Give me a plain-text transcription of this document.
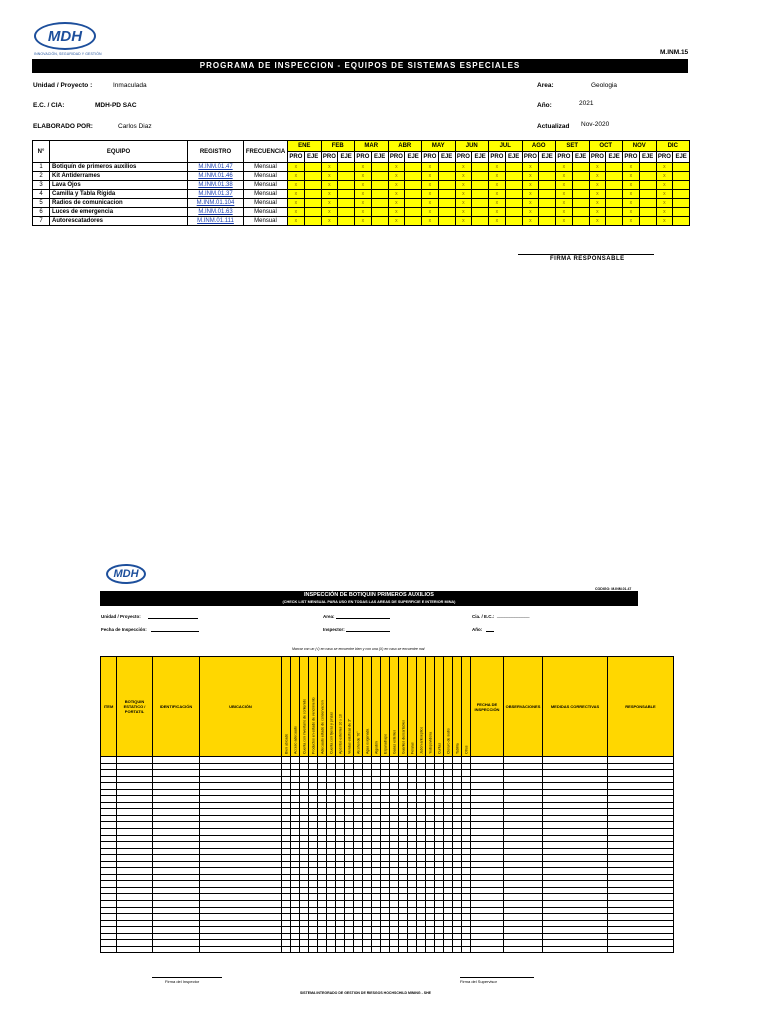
MDH
INNOVACIÓN, SEGURIDAD Y GESTIÓN	M.INM.15
PROGRAMA DE INSPECCION - EQUIPOS DE SISTEMAS ESPECIALES
Unidad / Proyecto :	Inmaculada
E.C. / CIA:	MDH-PD SAC
ELABORADO POR:	Carlos Diaz
Area:	Geologia
Año:	2021
Actualizad Nov-2020
N°	EQUIPO	REGISTRO	FRECUENCIA	ENE		FEB		MAR		ABR		MAY		JUN		JUL		AGO		SET		OCT		NOV		DIC	
				PRO	EJE	PRO	EJE	PRO	EJE	PRO	EJE	PRO	EJE	PRO	EJE	PRO	EJE	PRO	EJE	PRO	EJE	PRO	EJE	PRO	EJE	PRO	EJE
1	Botiquín de primeros auxilios	M.INM.01.47	Mensual	x		x		x		x		x		x		x		x		x		x		x		x	
2	Kit Antiderrames	M.INM.01.46	Mensual	x		x		x		x		x		x		x		x		x		x		x		x	
3	Lava Ojos	M.INM.01.38	Mensual	x		x		x		x		x		x		x		x		x		x		x		x	
4	Camilla y Tabla Rígida	M.INM.01.37	Mensual	x		x		x		x		x		x		x		x		x		x		x		x	
5	Radios de comunicacion	M.INM.01.104	Mensual	x		x		x		x		x		x		x		x		x		x		x		x	
6	Luces de emergencia	M.INM.01.63	Mensual	x		x		x		x		x		x		x		x		x		x		x		x	
7	Autorescatadores	M.INM.01.111	Mensual	x		x		x		x		x		x		x		x		x		x		x		x	
FIRMA RESPONSABLE
MDH
CODIGO: M.INM.01.47
INSPECCIÓN DE BOTIQUIN PRIMEROS AUXILIOS
(CHECK LIST MENSUAL PARA USO EN TODAS LAS AREAS DE SUPERFICIE E INTERIOR MINA)
Unidad / Proyecto:	Area:	Cia. / E.C.: _____________
Fecha de Inspección:	Inspector:	Año:
Marcar con un (√) en caso se encuentre bien y con una (X) en caso se encuentre mal
ITEM	BOTIQUIN ESTATICO / PORTATIL	IDENTIFICACIÓN	UBICACIÓN	Bien ubicado	Acceso adecuado	Cuenta con inventario de contenido	Productos en estado de vencimiento	Adecuado estado de conservacion	Cuenta con tijeras y pinzas	Apósitos estériles 10 x 10	Vendas elásticas de 3"	Alcohol de 70°	Agua oxigenada	Algodón	Esparadrapo	Gasas estériles	Guantes descartables	Férulas	Jabón antiséptico	Yodopovidona	Curitas	Cloruro de sodio	Tablilla	Otros	FECHA DE INSPECCIÓN	OBSERVACIONES	MEDIDAS CORRECTIVAS	RESPONSABLE

Firma del Inspector	Firma del Supervisor
SISTEMA INTEGRADO DE GESTION DE RIESGOS HOCHSCHILD MINING - SHE
